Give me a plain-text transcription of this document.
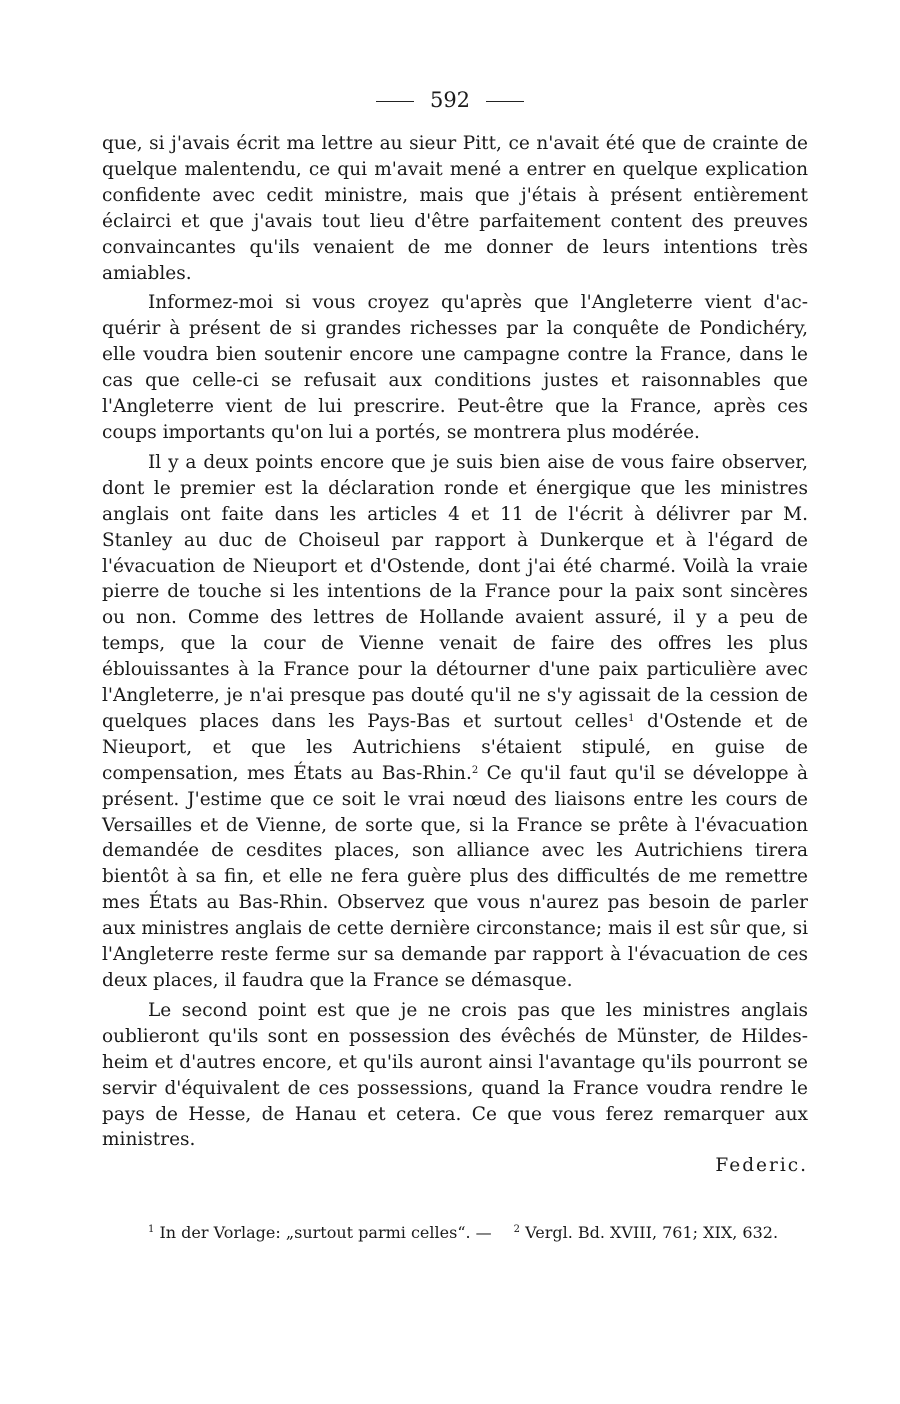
592

que, si j'avais écrit ma lettre au sieur Pitt, ce n'avait été que de crainte de quelque malentendu, ce qui m'avait mené a entrer en quelque explication confidente avec cedit ministre, mais que j'étais à présent entièrement éclairci et que j'avais tout lieu d'être parfaitement content des preuves convaincantes qu'ils venaient de me donner de leurs intentions très amiables.

Informez-moi si vous croyez qu'après que l'Angleterre vient d'acquérir à présent de si grandes richesses par la conquête de Pondichéry, elle voudra bien soutenir encore une campagne contre la France, dans le cas que celle-ci se refusait aux conditions justes et raisonnables que l'Angleterre vient de lui prescrire. Peut-être que la France, après ces coups importants qu'on lui a portés, se montrera plus modérée.

Il y a deux points encore que je suis bien aise de vous faire observer, dont le premier est la déclaration ronde et énergique que les ministres anglais ont faite dans les articles 4 et 11 de l'écrit à délivrer par M. Stanley au duc de Choiseul par rapport à Dunkerque et à l'égard de l'évacuation de Nieuport et d'Ostende, dont j'ai été charmé. Voilà la vraie pierre de touche si les intentions de la France pour la paix sont sincères ou non. Comme des lettres de Hollande avaient assuré, il y a peu de temps, que la cour de Vienne venait de faire des offres les plus éblouissantes à la France pour la détourner d'une paix particulière avec l'Angleterre, je n'ai presque pas douté qu'il ne s'y agissait de la cession de quelques places dans les Pays-Bas et surtout celles$^1$ d'Ostende et de Nieuport, et que les Autrichiens s'étaient stipulé, en guise de compensation, mes États au Bas-Rhin.$^2$ Ce qu'il faut qu'il se développe à présent. J'estime que ce soit le vrai nœud des liaisons entre les cours de Versailles et de Vienne, de sorte que, si la France se prête à l'évacuation demandée de cesdites places, son alliance avec les Autrichiens tirera bientôt à sa fin, et elle ne fera guère plus des difficultés de me remettre mes États au Bas-Rhin. Observez que vous n'aurez pas besoin de parler aux ministres anglais de cette dernière circonstance; mais il est sûr que, si l'Angleterre reste ferme sur sa demande par rapport à l'évacuation de ces deux places, il faudra que la France se démasque.

Le second point est que je ne crois pas que les ministres anglais oublieront qu'ils sont en possession des évêchés de Münster, de Hildesheim et d'autres encore, et qu'ils auront ainsi l'avantage qu'ils pourront se servir d'équivalent de ces possessions, quand la France voudra rendre le pays de Hesse, de Hanau et cetera. Ce que vous ferez remarquer aux ministres.

Federic.

$^1$ In der Vorlage: „surtout parmi celles“. — $^2$ Vergl. Bd. XVIII, 761; XIX, 632.
